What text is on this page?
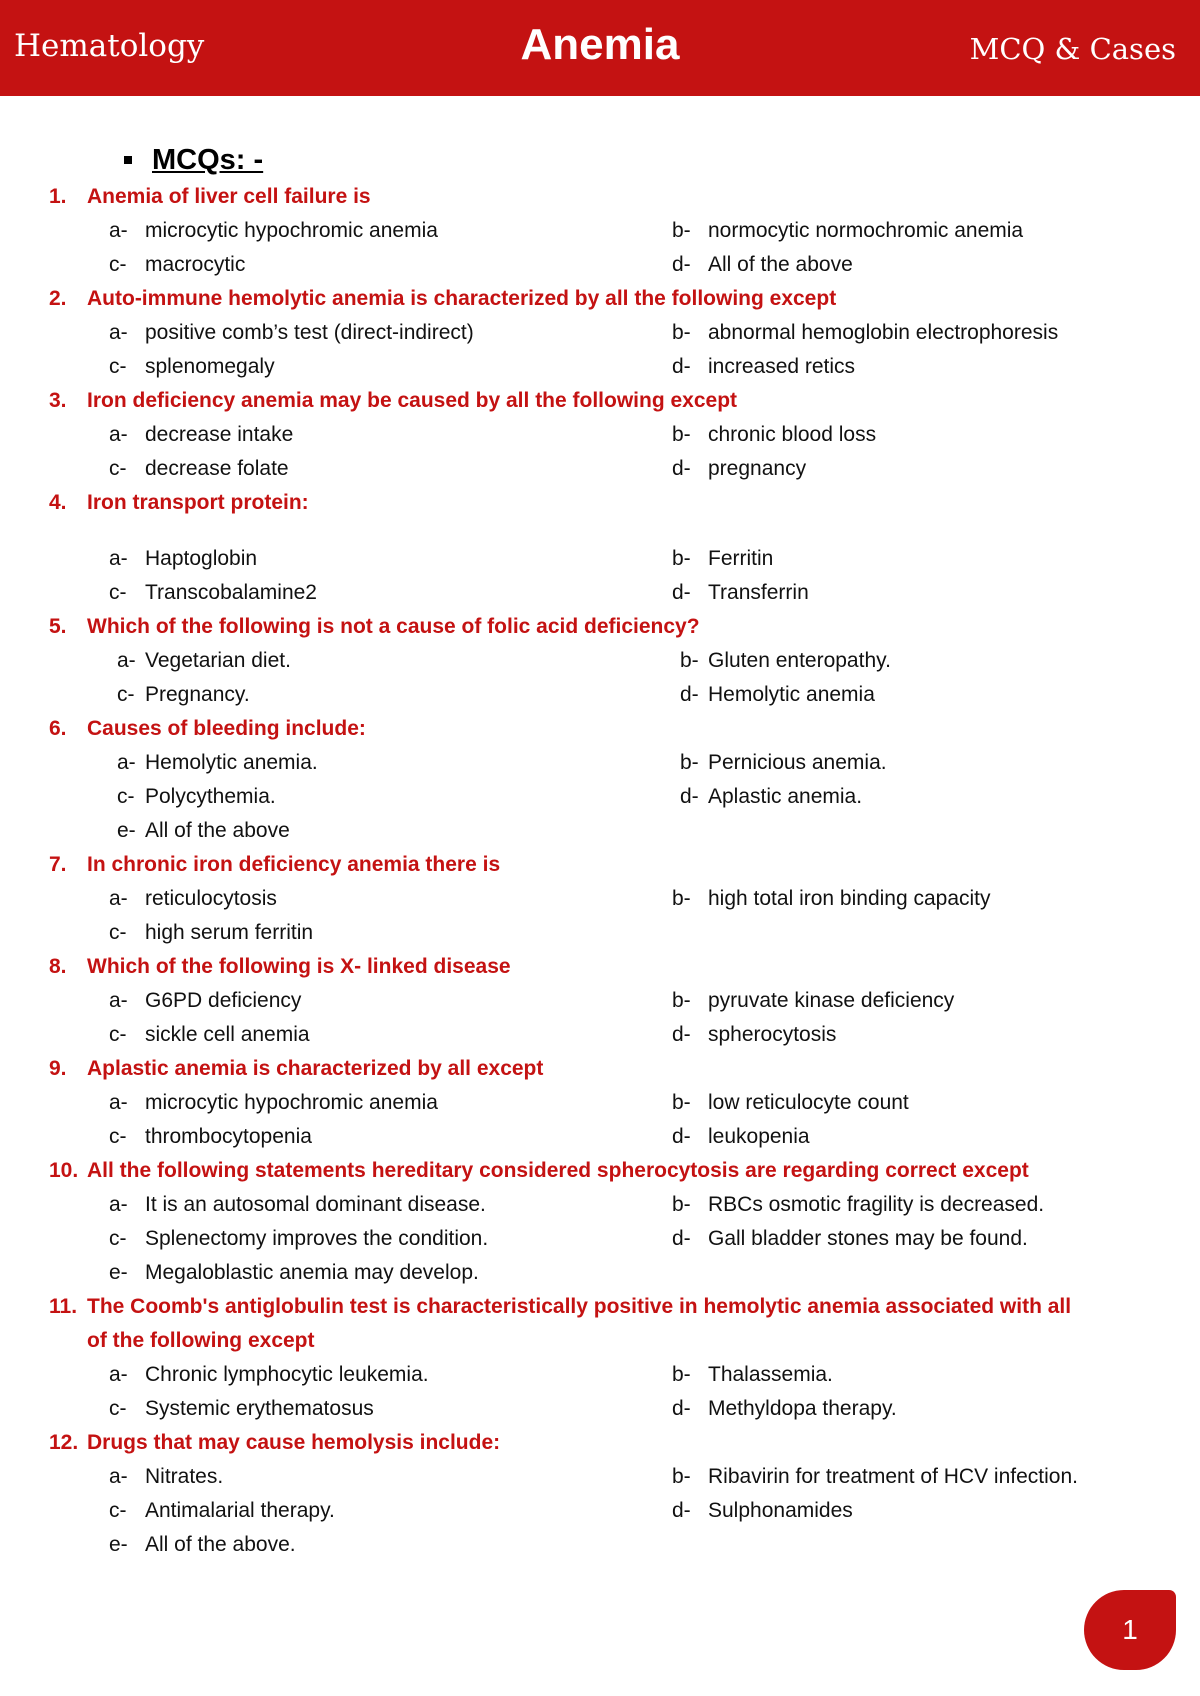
Hematology	Anemia	MCQ & Cases
MCQs: -
1. Anemia of liver cell failure is
a- microcytic hypochromic anemia	b- normocytic normochromic anemia
c- macrocytic	d- All of the above
2. Auto-immune hemolytic anemia is characterized by all the following except
a- positive comb’s test (direct-indirect)	b- abnormal hemoglobin electrophoresis
c- splenomegaly	d- increased retics
3. Iron deficiency anemia may be caused by all the following except
a- decrease intake	b- chronic blood loss
c- decrease folate	d- pregnancy
4. Iron transport protein:
a- Haptoglobin	b- Ferritin
c- Transcobalamine2	d- Transferrin
5. Which of the following is not a cause of folic acid deficiency?
a- Vegetarian diet.	b- Gluten enteropathy.
c- Pregnancy.	d- Hemolytic anemia
6. Causes of bleeding include:
a- Hemolytic anemia.	b- Pernicious anemia.
c- Polycythemia.	d- Aplastic anemia.
e- All of the above
7. In chronic iron deficiency anemia there is
a- reticulocytosis	b- high total iron binding capacity
c- high serum ferritin
8. Which of the following is X- linked disease
a- G6PD deficiency	b- pyruvate kinase deficiency
c- sickle cell anemia	d- spherocytosis
9. Aplastic anemia is characterized by all except
a- microcytic hypochromic anemia	b- low reticulocyte count
c- thrombocytopenia	d- leukopenia
10. All the following statements hereditary considered spherocytosis are regarding correct except
a- It is an autosomal dominant disease.	b- RBCs osmotic fragility is decreased.
c- Splenectomy improves the condition.	d- Gall bladder stones may be found.
e- Megaloblastic anemia may develop.
11. The Coomb's antiglobulin test is characteristically positive in hemolytic anemia associated with all of the following except
a- Chronic lymphocytic leukemia.	b- Thalassemia.
c- Systemic erythematosus	d- Methyldopa therapy.
12. Drugs that may cause hemolysis include:
a- Nitrates.	b- Ribavirin for treatment of HCV infection.
c- Antimalarial therapy.	d- Sulphonamides
e- All of the above.
1
